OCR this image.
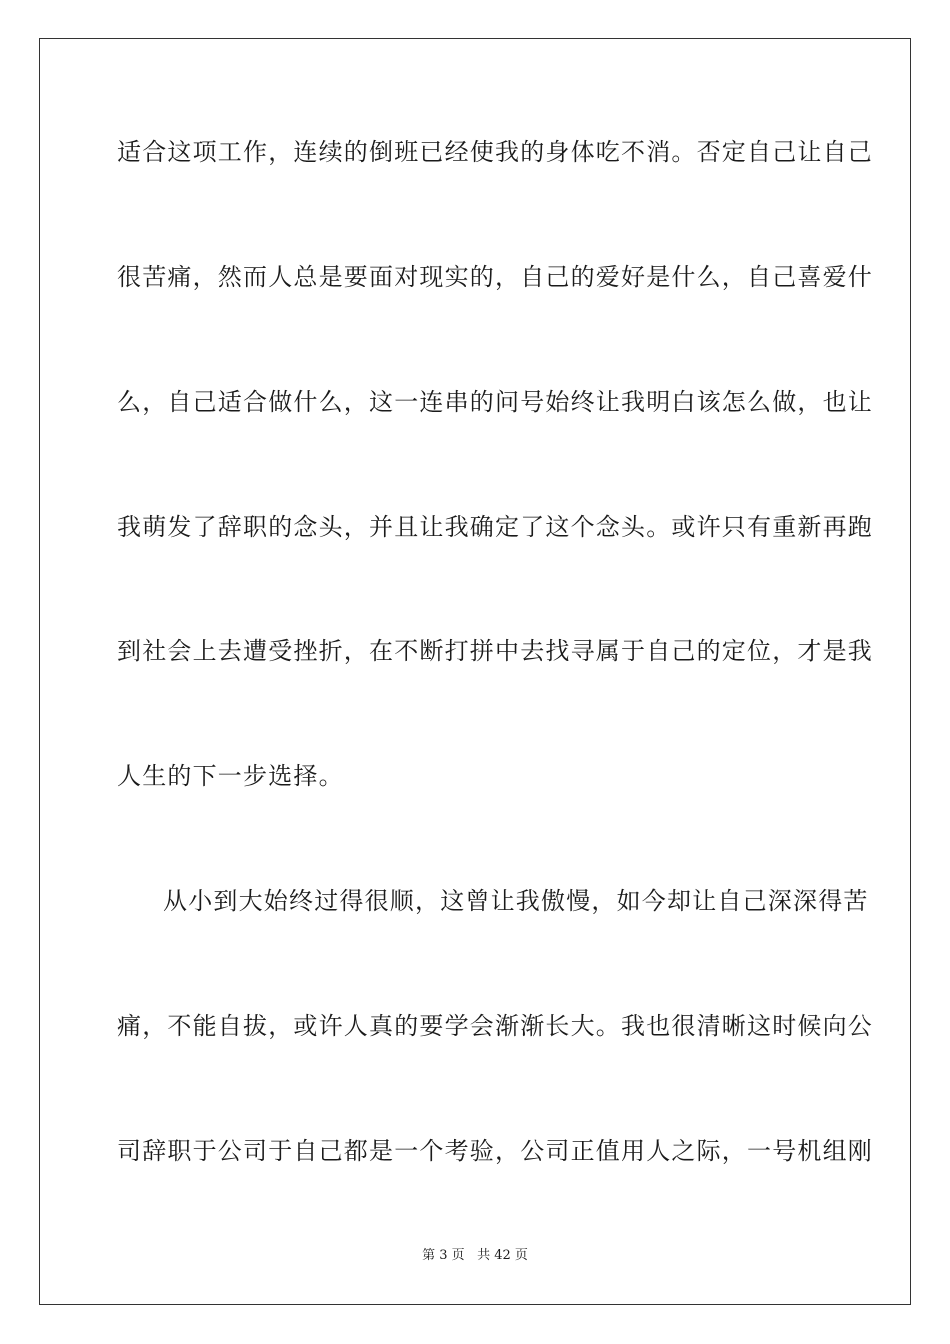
适合这项工作，连续的倒班已经使我的身体吃不消。否定自己让自己
很苦痛，然而人总是要面对现实的，自己的爱好是什么，自己喜爱什
么，自己适合做什么，这一连串的问号始终让我明白该怎么做，也让
我萌发了辞职的念头，并且让我确定了这个念头。或许只有重新再跑
到社会上去遭受挫折，在不断打拼中去找寻属于自己的定位，才是我
人生的下一步选择。
从小到大始终过得很顺，这曾让我傲慢，如今却让自己深深得苦
痛，不能自拔，或许人真的要学会渐渐长大。我也很清晰这时候向公
司辞职于公司于自己都是一个考验，公司正值用人之际，一号机组刚
第 3 页 共 42 页
